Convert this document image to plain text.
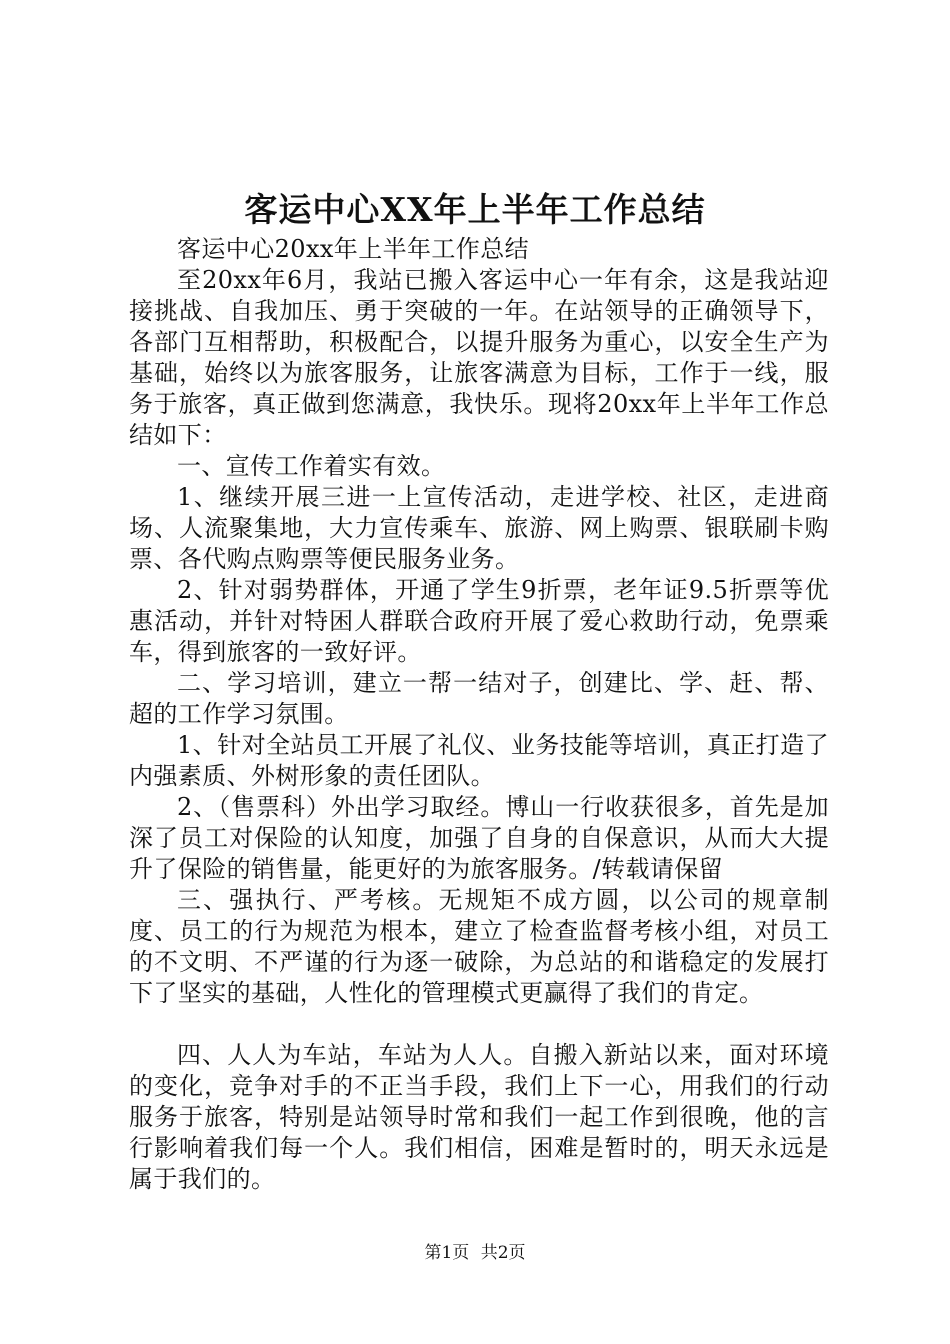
客运中心XX年上半年工作总结

客运中心20xx年上半年工作总结

至20xx年6月，我站已搬入客运中心一年有余，这是我站迎接挑战、自我加压、勇于突破的一年。在站领导的正确领导下，各部门互相帮助，积极配合，以提升服务为重心，以安全生产为基础，始终以为旅客服务，让旅客满意为目标，工作于一线，服务于旅客，真正做到您满意，我快乐。现将20xx年上半年工作总结如下：

一、宣传工作着实有效。

1、继续开展三进一上宣传活动，走进学校、社区，走进商场、人流聚集地，大力宣传乘车、旅游、网上购票、银联刷卡购票、各代购点购票等便民服务业务。

2、针对弱势群体，开通了学生9折票，老年证9.5折票等优惠活动，并针对特困人群联合政府开展了爱心救助行动，免票乘车，得到旅客的一致好评。

二、学习培训，建立一帮一结对子，创建比、学、赶、帮、超的工作学习氛围。

1、针对全站员工开展了礼仪、业务技能等培训，真正打造了内强素质、外树形象的责任团队。

2、（售票科）外出学习取经。博山一行收获很多，首先是加深了员工对保险的认知度，加强了自身的自保意识，从而大大提升了保险的销售量，能更好的为旅客服务。/转载请保留

三、强执行、严考核。无规矩不成方圆，以公司的规章制度、员工的行为规范为根本，建立了检查监督考核小组，对员工的不文明、不严谨的行为逐一破除，为总站的和谐稳定的发展打下了坚实的基础，人性化的管理模式更赢得了我们的肯定。

四、人人为车站，车站为人人。自搬入新站以来，面对环境的变化，竞争对手的不正当手段，我们上下一心，用我们的行动服务于旅客，特别是站领导时常和我们一起工作到很晚，他的言行影响着我们每一个人。我们相信，困难是暂时的，明天永远是属于我们的。

第1页 共2页
